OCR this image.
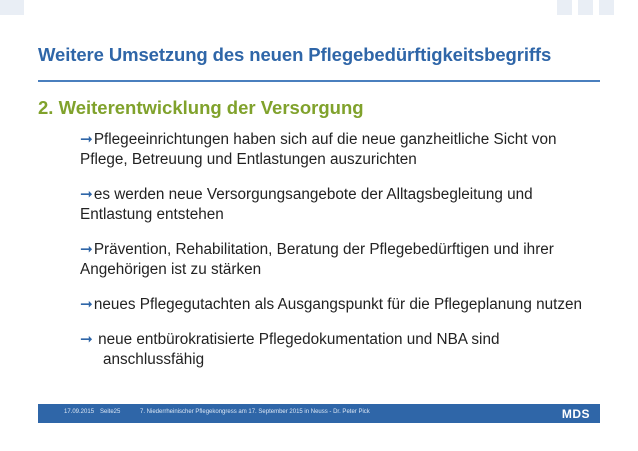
Weitere Umsetzung des neuen Pflegebedürftigkeitsbegriffs
2. Weiterentwicklung der Versorgung
➞Pflegeeinrichtungen haben sich auf die neue ganzheitliche Sicht von Pflege, Betreuung und Entlastungen auszurichten
➞es werden neue Versorgungsangebote der Alltagsbegleitung und Entlastung entstehen
➞Prävention, Rehabilitation, Beratung der Pflegebedürftigen und ihrer Angehörigen ist zu stärken
➞neues Pflegegutachten als Ausgangspunkt für die Pflegeplanung nutzen
➞ neue entbürokratisierte Pflegedokumentation und NBA sind
anschlussfähig
17.09.2015 Seite25	7. Niederrheinischer Pflegekongress am 17. September 2015 in Neuss - Dr. Peter Pick	MDS
